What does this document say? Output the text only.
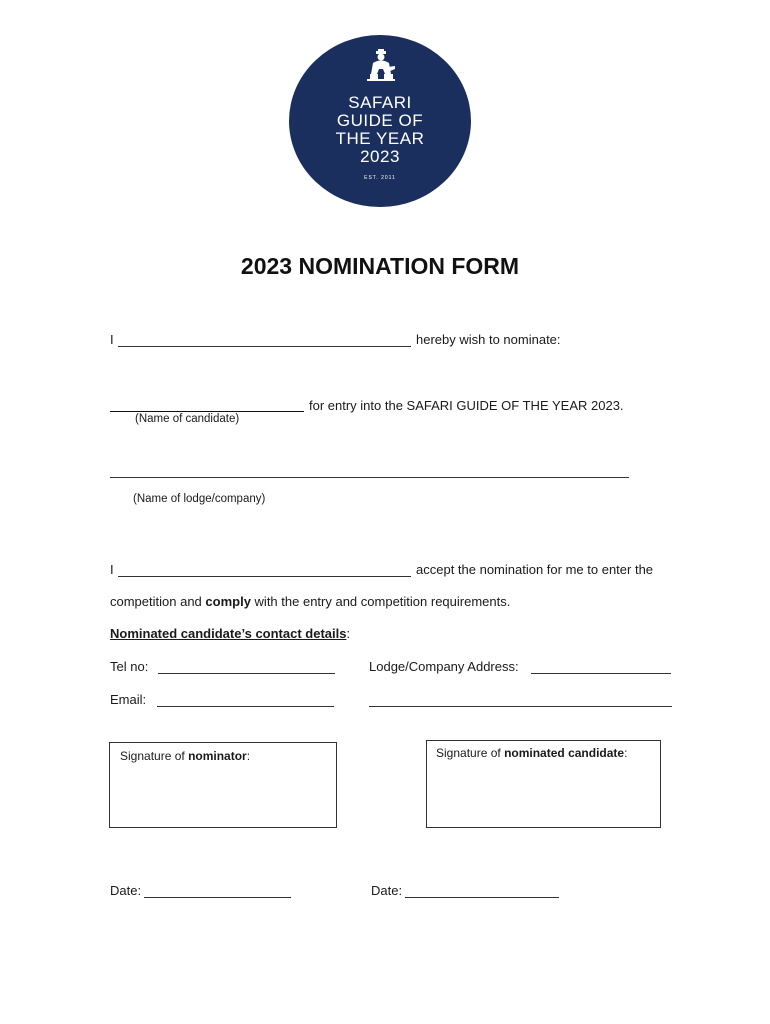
SAFARI
GUIDE OF
THE YEAR
2023
EST. 2011
2023 NOMINATION FORM
I	hereby wish to nominate:
for entry into the SAFARI GUIDE OF THE YEAR 2023.
(Name of candidate)
(Name of lodge/company)
I	accept the nomination for me to enter the
competition and comply with the entry and competition requirements.
Nominated candidate’s contact details:
Tel no:	Lodge/Company Address:
Email:
Signature of nominator:	Signature of nominated candidate:
Date:	Date:
